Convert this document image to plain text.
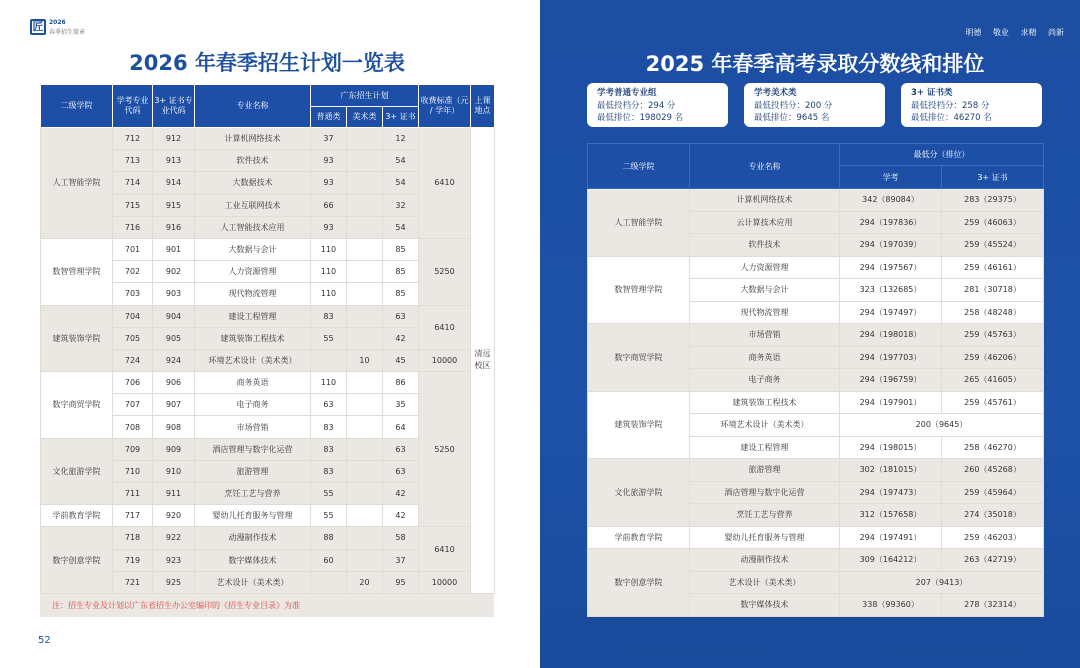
匠 2026
春季招生简章
2026 年春季招生计划一览表
二级学院	学考专业代码	3+ 证书专业代码	专业名称	广东招生计划			收费标准（元 / 学年）	上课地点
				普通类	美术类	3+ 证书		
人工智能学院	712	912	计算机网络技术	37		12	6410	清远校区
	713	913	软件技术	93		54		
	714	914	大数据技术	93		54		
	715	915	工业互联网技术	66		32		
	716	916	人工智能技术应用	93		54		
数智管理学院	701	901	大数据与会计	110		85	5250	
	702	902	人力资源管理	110		85		
	703	903	现代物流管理	110		85		
建筑装饰学院	704	904	建设工程管理	83		63	6410	
	705	905	建筑装饰工程技术	55		42		
	724	924	环境艺术设计（美术类）		10	45	10000	
数字商贸学院	706	906	商务英语	110		86	5250	
	707	907	电子商务	63		35		
	708	908	市场营销	83		64		
文化旅游学院	709	909	酒店管理与数字化运营	83		63		
	710	910	旅游管理	83		63		
	711	911	烹饪工艺与营养	55		42		
学前教育学院	717	920	婴幼儿托育服务与管理	55		42		
数字创意学院	718	922	动漫制作技术	88		58	6410	
	719	923	数字媒体技术	60		37		
	721	925	艺术设计（美术类）		20	95	10000	
注：招生专业及计划以广东省招生办公室编印的《招生专业目录》为准
52
明德 敬业 求精 尚新
2025 年春季高考录取分数线和排位
学考普通专业组
最低投档分：294 分
最低排位：198029 名
学考美术类
最低投档分：200 分
最低排位：9645 名
3+ 证书类
最低投档分：258 分
最低排位：46270 名
二级学院	专业名称	最低分（排位）	
		学考	3+ 证书
人工智能学院	计算机网络技术	342（89084）	283（29375）
	云计算技术应用	294（197836）	259（46063）
	软件技术	294（197039）	259（45524）
数智管理学院	人力资源管理	294（197567）	259（46161）
	大数据与会计	323（132685）	281（30718）
	现代物流管理	294（197497）	258（48248）
数字商贸学院	市场营销	294（198018）	259（45763）
	商务英语	294（197703）	259（46206）
	电子商务	294（196759）	265（41605）
建筑装饰学院	建筑装饰工程技术	294（197901）	259（45761）
	环境艺术设计（美术类）	200（9645）	
	建设工程管理	294（198015）	258（46270）
文化旅游学院	旅游管理	302（181015）	260（45268）
	酒店管理与数字化运营	294（197473）	259（45964）
	烹饪工艺与营养	312（157658）	274（35018）
学前教育学院	婴幼儿托育服务与管理	294（197491）	259（46203）
数字创意学院	动漫制作技术	309（164212）	263（42719）
	艺术设计（美术类）	207（9413）	
	数字媒体技术	338（99360）	278（32314）
